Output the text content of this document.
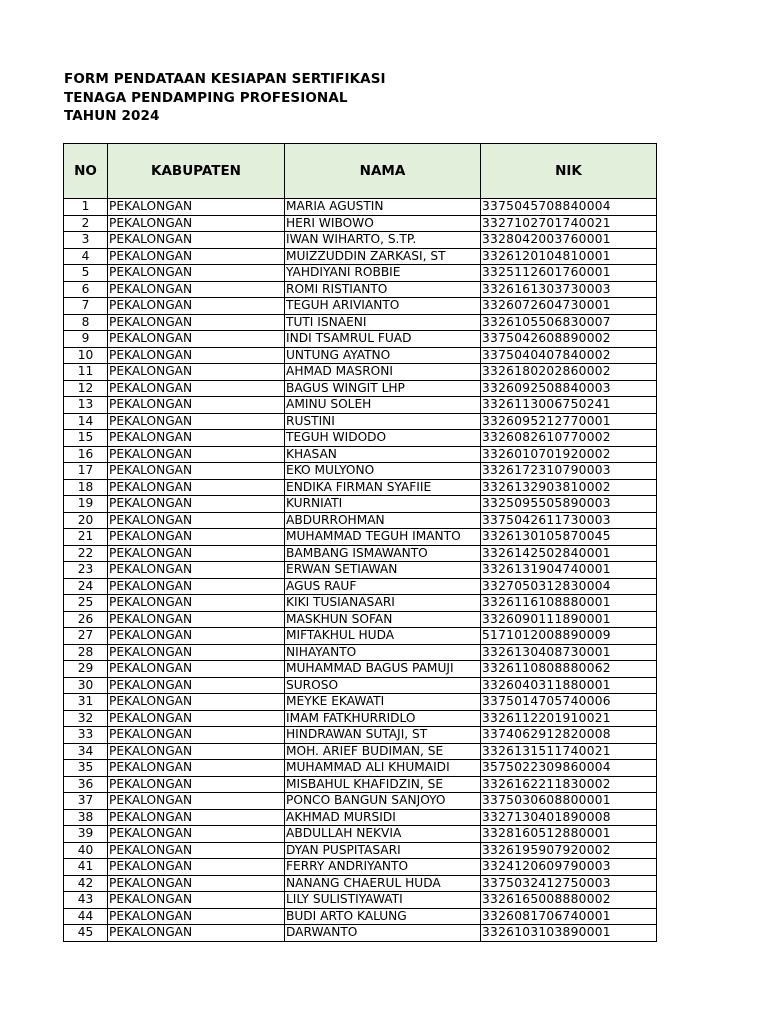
FORM PENDATAAN KESIAPAN SERTIFIKASI
TENAGA PENDAMPING PROFESIONAL
TAHUN 2024
NO	KABUPATEN	NAMA	NIK
1	PEKALONGAN	MARIA AGUSTIN	3375045708840004
2	PEKALONGAN	HERI WIBOWO	3327102701740021
3	PEKALONGAN	IWAN WIHARTO, S.TP.	3328042003760001
4	PEKALONGAN	MUIZZUDDIN ZARKASI, ST	3326120104810001
5	PEKALONGAN	YAHDIYANI ROBBIE	3325112601760001
6	PEKALONGAN	ROMI RISTIANTO	3326161303730003
7	PEKALONGAN	TEGUH ARIVIANTO	3326072604730001
8	PEKALONGAN	TUTI ISNAENI	3326105506830007
9	PEKALONGAN	INDI TSAMRUL FUAD	3375042608890002
10	PEKALONGAN	UNTUNG AYATNO	3375040407840002
11	PEKALONGAN	AHMAD MASRONI	3326180202860002
12	PEKALONGAN	BAGUS WINGIT LHP	3326092508840003
13	PEKALONGAN	AMINU SOLEH	3326113006750241
14	PEKALONGAN	RUSTINI	3326095212770001
15	PEKALONGAN	TEGUH WIDODO	3326082610770002
16	PEKALONGAN	KHASAN	3326010701920002
17	PEKALONGAN	EKO MULYONO	3326172310790003
18	PEKALONGAN	ENDIKA FIRMAN SYAFIIE	3326132903810002
19	PEKALONGAN	KURNIATI	3325095505890003
20	PEKALONGAN	ABDURROHMAN	3375042611730003
21	PEKALONGAN	MUHAMMAD TEGUH IMANTO	3326130105870045
22	PEKALONGAN	BAMBANG ISMAWANTO	3326142502840001
23	PEKALONGAN	ERWAN SETIAWAN	3326131904740001
24	PEKALONGAN	AGUS RAUF	3327050312830004
25	PEKALONGAN	KIKI TUSIANASARI	3326116108880001
26	PEKALONGAN	MASKHUN SOFAN	3326090111890001
27	PEKALONGAN	MIFTAKHUL HUDA	5171012008890009
28	PEKALONGAN	NIHAYANTO	3326130408730001
29	PEKALONGAN	MUHAMMAD BAGUS PAMUJI	3326110808880062
30	PEKALONGAN	SUROSO	3326040311880001
31	PEKALONGAN	MEYKE EKAWATI	3375014705740006
32	PEKALONGAN	IMAM FATKHURRIDLO	3326112201910021
33	PEKALONGAN	HINDRAWAN SUTAJI, ST	3374062912820008
34	PEKALONGAN	MOH. ARIEF BUDIMAN, SE	3326131511740021
35	PEKALONGAN	MUHAMMAD ALI KHUMAIDI	3575022309860004
36	PEKALONGAN	MISBAHUL KHAFIDZIN, SE	3326162211830002
37	PEKALONGAN	PONCO BANGUN SANJOYO	3375030608800001
38	PEKALONGAN	AKHMAD MURSIDI	3327130401890008
39	PEKALONGAN	ABDULLAH NEKVIA	3328160512880001
40	PEKALONGAN	DYAN PUSPITASARI	3326195907920002
41	PEKALONGAN	FERRY ANDRIYANTO	3324120609790003
42	PEKALONGAN	NANANG CHAERUL HUDA	3375032412750003
43	PEKALONGAN	LILY SULISTIYAWATI	3326165008880002
44	PEKALONGAN	BUDI ARTO KALUNG	3326081706740001
45	PEKALONGAN	DARWANTO	3326103103890001
